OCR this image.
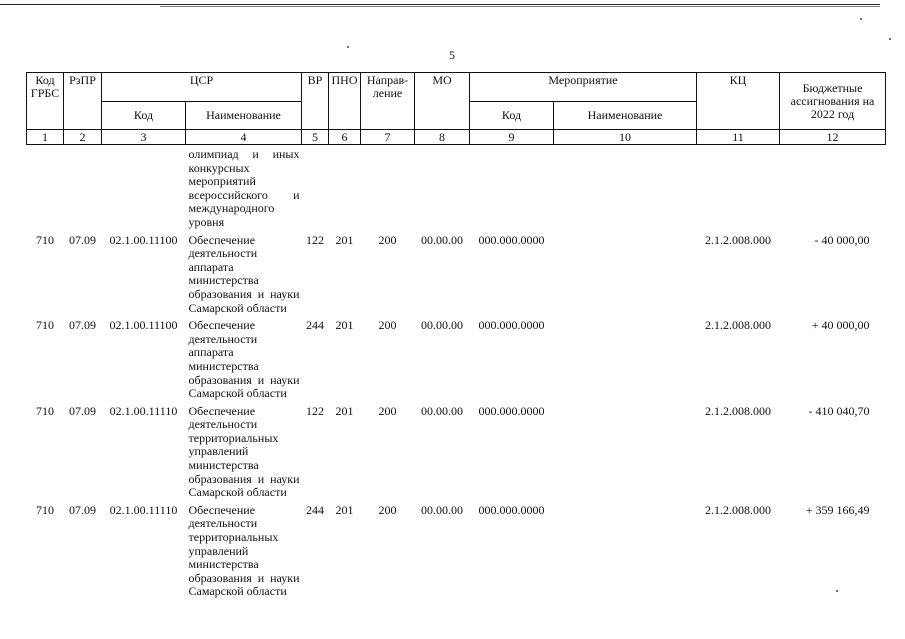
5
Код ГРБС	РзПР	ЦСР		ВР	ПНО	Направ-ление	МО	Мероприятие		КЦ	Бюджетные ассигнования на 2022 год
		Код	Наименование					Код	Наименование		
1	2	3	4	5	6	7	8	9	10	11	12
			олимпиад и иных конкурсных мероприятий всероссийского и международного уровня								
710	07.09	02.1.00.11100	Обеспечение деятельности аппарата министерства образования и науки Самарской области	122	201	200	00.00.00	000.000.0000		2.1.2.008.000	- 40 000,00
710	07.09	02.1.00.11100	Обеспечение деятельности аппарата министерства образования и науки Самарской области	244	201	200	00.00.00	000.000.0000		2.1.2.008.000	+ 40 000,00
710	07.09	02.1.00.11110	Обеспечение деятельности территориальных управлений министерства образования и науки Самарской области	122	201	200	00.00.00	000.000.0000		2.1.2.008.000	- 410 040,70
710	07.09	02.1.00.11110	Обеспечение деятельности территориальных управлений министерства образования и науки Самарской области	244	201	200	00.00.00	000.000.0000		2.1.2.008.000	+ 359 166,49
